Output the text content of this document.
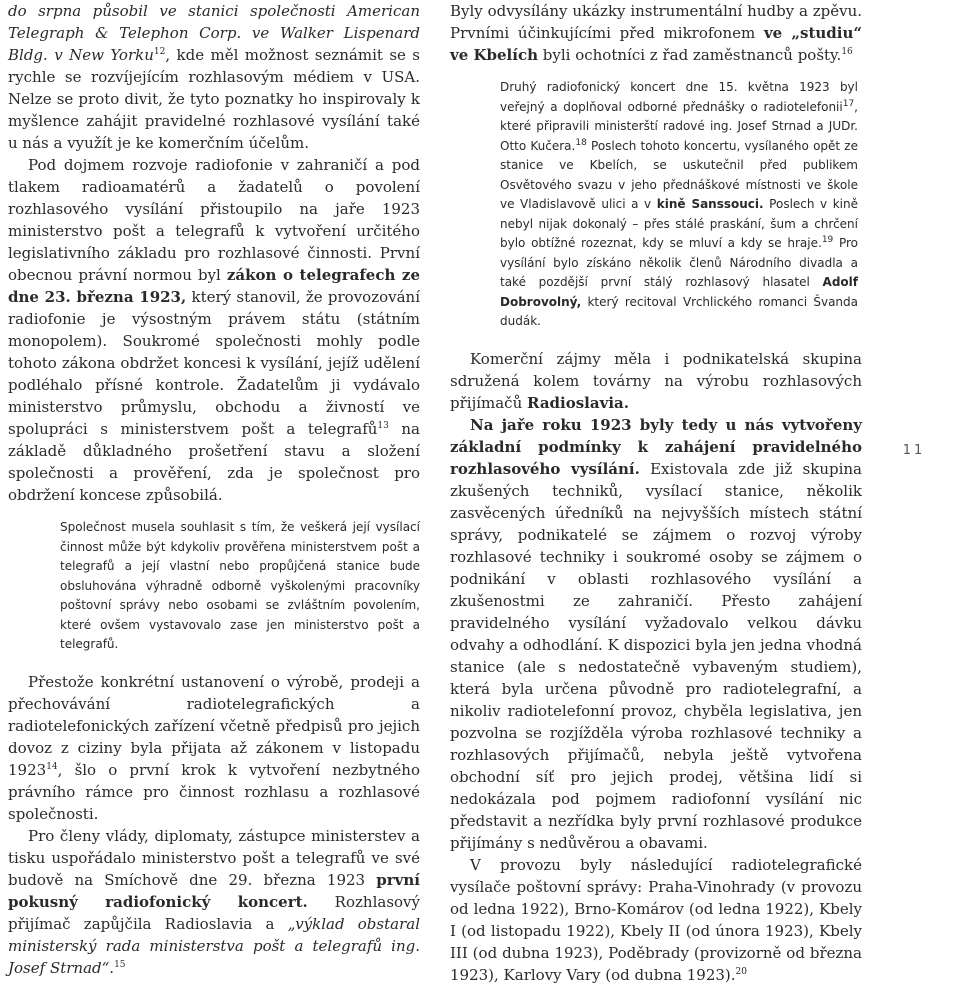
do srpna působil ve stanici společnosti American Telegraph & Telephon Corp. ve Walker Lispenard Bldg. v New Yorku$^{12}$, kde měl možnost seznámit se s rychle se rozvíjejícím rozhlasovým médiem v USA. Nelze se proto divit, že tyto poznatky ho inspirovaly k myšlence zahájit pravidelné rozhlasové vysílání také u nás a využít je ke komerčním účelům.

Pod dojmem rozvoje radiofonie v zahraničí a pod tlakem radioamatérů a žadatelů o povolení rozhlasového vysílání přistoupilo na jaře 1923 ministerstvo pošt a telegrafů k vytvoření určitého legislativního základu pro rozhlasové činnosti. První obecnou právní normou byl zákon o telegrafech ze dne 23. března 1923, který stanovil, že provozování radiofonie je výsostným právem státu (státním monopolem). Soukromé společnosti mohly podle tohoto zákona obdržet koncesi k vysílání, jejíž udělení podléhalo přísné kontrole. Žadatelům ji vydávalo ministerstvo průmyslu, obchodu a živností ve spolupráci s ministerstvem pošt a telegrafů$^{13}$ na základě důkladného prošetření stavu a složení společnosti a prověření, zda je společnost pro obdržení koncese způsobilá.

Společnost musela souhlasit s tím, že veškerá její vysílací činnost může být kdykoliv prověřena ministerstvem pošt a telegrafů a její vlastní nebo propůjčená stanice bude obsluhována výhradně odborně vyškolenými pracovníky poštovní správy nebo osobami se zvláštním povolením, které ovšem vystavovalo zase jen ministerstvo pošt a telegrafů.

Přestože konkrétní ustanovení o výrobě, prodeji a přechovávání radiotelegrafických a radiotelefonických zařízení včetně předpisů pro jejich dovoz z ciziny byla přijata až zákonem v listopadu 1923$^{14}$, šlo o první krok k vytvoření nezbytného právního rámce pro činnost rozhlasu a rozhlasové společnosti.

Pro členy vlády, diplomaty, zástupce ministerstev a tisku uspořádalo ministerstvo pošt a telegrafů ve své budově na Smíchově dne 29. března 1923 první pokusný radiofonický koncert. Rozhlasový přijímač zapůjčila Radioslavia a „výklad obstaral ministerský rada ministerstva pošt a telegrafů ing. Josef Strnad“.$^{15}$

Byly odvysílány ukázky instrumentální hudby a zpěvu. Prvními účinkujícími před mikrofonem ve „studiu“ ve Kbelích byli ochotníci z řad zaměstnanců pošty.$^{16}$

Druhý radiofonický koncert dne 15. května 1923 byl veřejný a doplňoval odborné přednášky o radiotelefonii$^{17}$, které připravili ministerští radové ing. Josef Strnad a JUDr. Otto Kučera.$^{18}$ Poslech tohoto koncertu, vysílaného opět ze stanice ve Kbelích, se uskutečnil před publikem Osvětového svazu v jeho přednáškové místnosti ve škole ve Vladislavově ulici a v kině Sanssouci. Poslech v kině nebyl nijak dokonalý – přes stálé praskání, šum a chrčení bylo obtížné rozeznat, kdy se mluví a kdy se hraje.$^{19}$ Pro vysílání bylo získáno několik členů Národního divadla a také pozdější první stálý rozhlasový hlasatel Adolf Dobrovolný, který recitoval Vrchlického romanci Švanda dudák.

Komerční zájmy měla i podnikatelská skupina sdružená kolem továrny na výrobu rozhlasových přijímačů Radioslavia.

Na jaře roku 1923 byly tedy u nás vytvořeny základní podmínky k zahájení pravidelného rozhlasového vysílání. Existovala zde již skupina zkušených techniků, vysílací stanice, několik zasvěcených úředníků na nejvyšších místech státní správy, podnikatelé se zájmem o rozvoj výroby rozhlasové techniky i soukromé osoby se zájmem o podnikání v oblasti rozhlasového vysílání a zkušenostmi ze zahraničí. Přesto zahájení pravidelného vysílání vyžadovalo velkou dávku odvahy a odhodlání. K dispozici byla jen jedna vhodná stanice (ale s nedostatečně vybaveným studiem), která byla určena původně pro radiotelegrafní, a nikoliv radiotelefonní provoz, chyběla legislativa, jen pozvolna se rozjížděla výroba rozhlasové techniky a rozhlasových přijímačů, nebyla ještě vytvořena obchodní síť pro jejich prodej, většina lidí si nedokázala pod pojmem radiofonní vysílání nic představit a nezřídka byly první rozhlasové produkce přijímány s nedůvěrou a obavami.

V provozu byly následující radiotelegrafické vysílače poštovní správy: Praha-Vinohrady (v provozu od ledna 1922), Brno-Komárov (od ledna 1922), Kbely I (od listopadu 1922), Kbely II (od února 1923), Kbely III (od dubna 1923), Poděbrady (provizorně od března 1923), Karlovy Vary (od dubna 1923).$^{20}$

11
